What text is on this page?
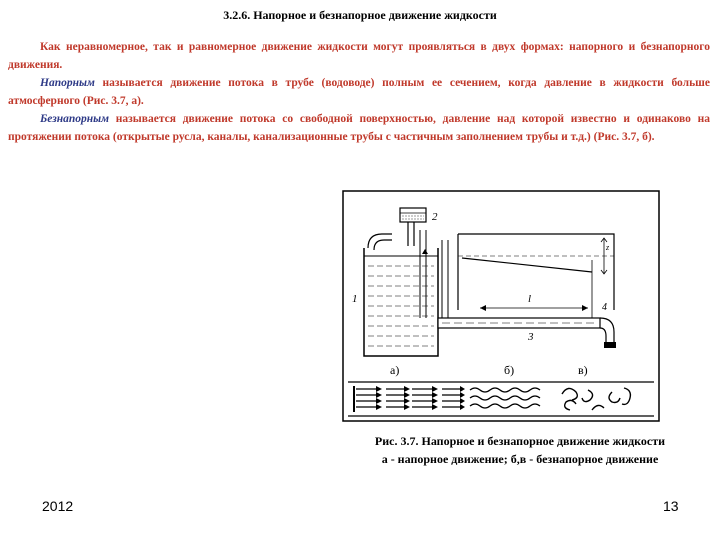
3.2.6. Напорное и безнапорное движение жидкости

Как неравномерное, так и равномерное движение жидкости могут проявляться в двух формах: напорного и безнапорного движения.

Напорным называется движение потока в трубе (водоводе) полным ее сечением, когда давление в жидкости больше атмосферного (Рис. 3.7, а).

Безнапорным называется движение потока со свободной поверхностью, давление над которой известно и одинаково на протяжении потока (открытые русла, каналы, канализационные трубы с частичным заполнением трубы и т.д.) (Рис. 3.7, б).

2
1
z
l
3
4
а)	б)	в)
Рис. 3.7. Напорное и безнапорное движение жидкости
а - напорное движение; б,в - безнапорное движение
2012	13
